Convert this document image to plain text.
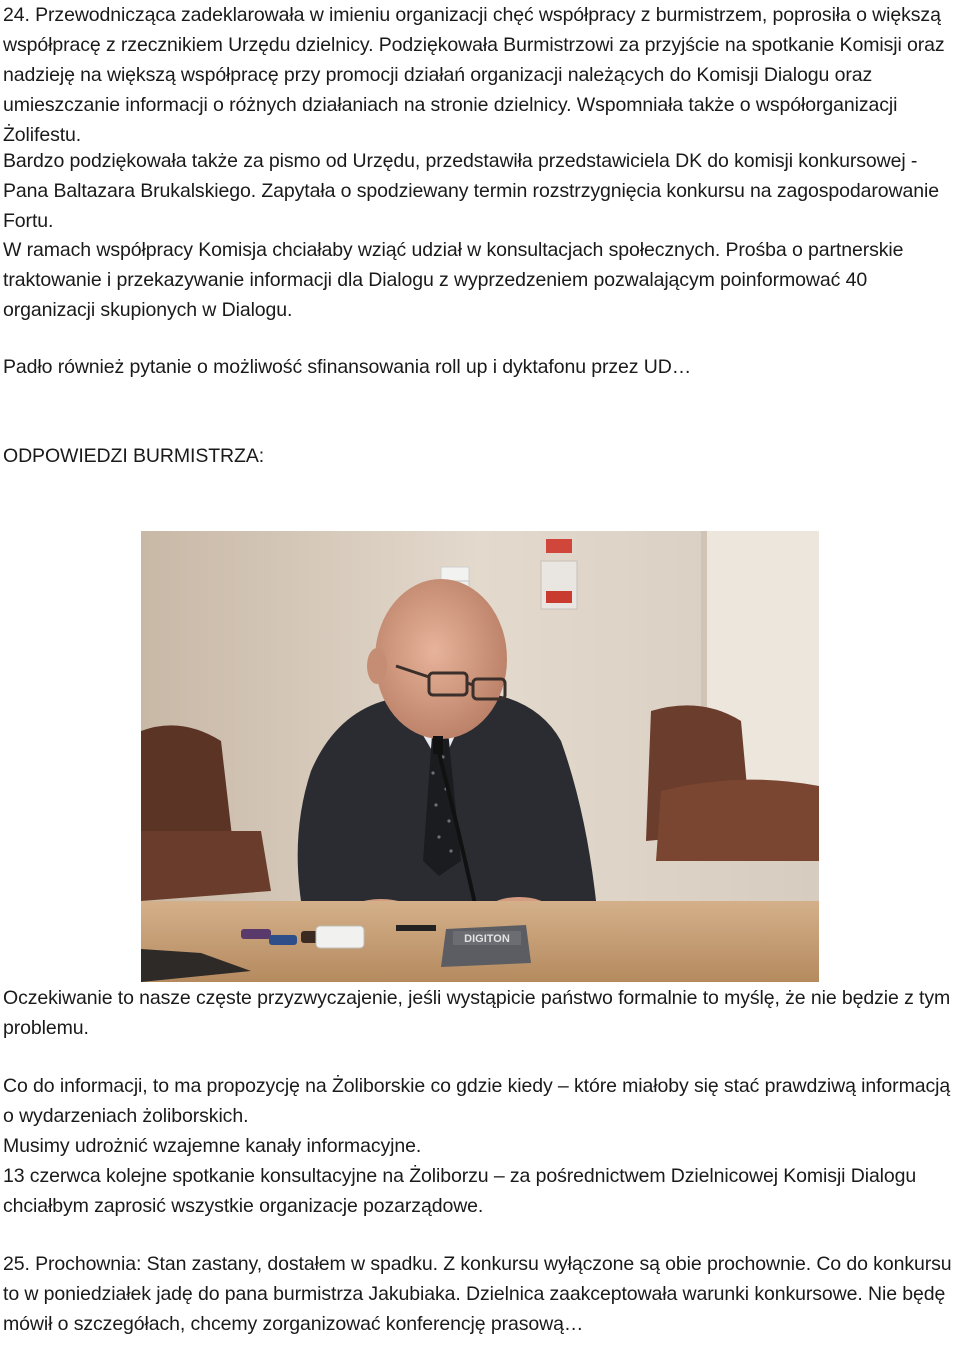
24. Przewodnicząca zadeklarowała w imieniu organizacji chęć współpracy z burmistrzem, poprosiła o większą współpracę z rzecznikiem Urzędu dzielnicy. Podziękowała Burmistrzowi za przyjście na spotkanie Komisji oraz nadzieję na większą współpracę przy promocji działań organizacji należących do Komisji Dialogu oraz umieszczanie informacji o różnych działaniach na stronie dzielnicy. Wspomniała także o współorganizacji Żolifestu.

Bardzo podziękowała także za pismo od Urzędu, przedstawiła przedstawiciela DK do komisji konkursowej - Pana Baltazara Brukalskiego. Zapytała o spodziewany termin rozstrzygnięcia konkursu na zagospodarowanie Fortu.

W ramach współpracy Komisja chciałaby wziąć udział w konsultacjach społecznych. Prośba o partnerskie traktowanie i przekazywanie informacji dla Dialogu z wyprzedzeniem pozwalającym poinformować 40 organizacji skupionych w Dialogu.

Padło również pytanie o możliwość sfinansowania roll up i dyktafonu przez UD…

ODPOWIEDZI BURMISTRZA:

DIGITON

Oczekiwanie to nasze częste przyzwyczajenie, jeśli wystąpicie państwo formalnie to myślę, że nie będzie z tym problemu.

Co do informacji, to ma propozycję na Żoliborskie co gdzie kiedy – które miałoby się stać prawdziwą informacją o wydarzeniach żoliborskich.

Musimy udrożnić wzajemne kanały informacyjne.

13 czerwca kolejne spotkanie konsultacyjne na Żoliborzu – za pośrednictwem Dzielnicowej Komisji Dialogu chciałbym zaprosić wszystkie organizacje pozarządowe.

25. Prochownia: Stan zastany, dostałem w spadku. Z konkursu wyłączone są obie prochownie. Co do konkursu to w poniedziałek jadę do pana burmistrza Jakubiaka. Dzielnica zaakceptowała warunki konkursowe. Nie będę mówił o szczegółach, chcemy zorganizować konferencję prasową…
